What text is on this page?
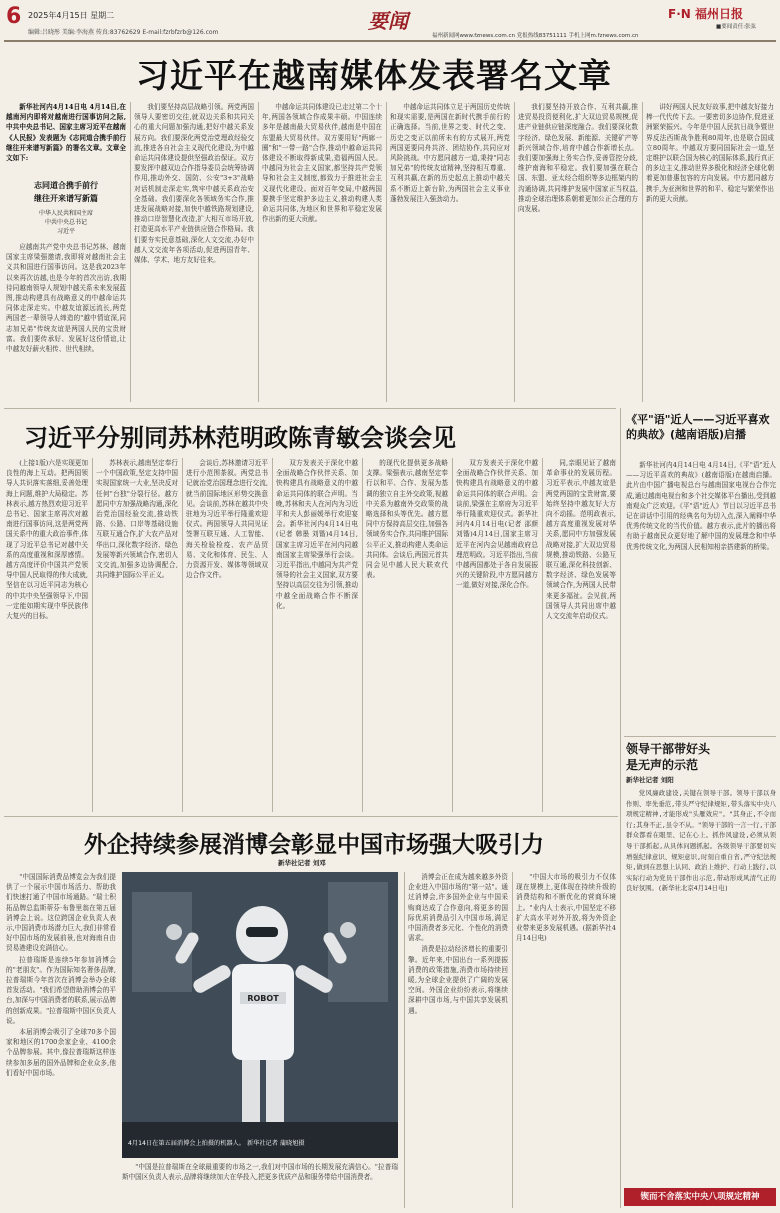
6 2025年4月15日 星期二
编辑:吕晓彤 美编:李海燕 传真:83762629 E-mail:fzrbfzrb@126.com	要闻	F·N 福州日报
■要闻责任:张弦
福州新闻网www.fznews.com.cn 党报热线83751111 手机上网m.fznews.com.cn
习近平在越南媒体发表署名文章

新华社河内4月14日电 4月14日,在越南河内即将对越南进行国事访问之际,中共中央总书记、国家主席习近平在越南《人民报》发表题为《志同道合携手前行 继往开来谱写新篇》的署名文章。文章全文如下:

志同道合携手前行
继往开来谱写新篇
中华人民共和国主席
中共中央总书记
习近平

应越南共产党中央总书记苏林、越南国家主席梁强邀请,我即将对越南社会主义共和国进行国事访问。这是我2023年以来再次访越,也是今年的首次出访,我期待同越南领导人规划中越关系未来发展蓝图,推动构建具有战略意义的中越命运共同体走深走实。中越友谊源远流长,两党两国老一辈领导人缔造的"越中情谊深,同志加兄弟"传统友谊是两国人民的宝贵财富。我们要传承好、发展好这份情谊,让中越友好薪火相传、世代相续。

我们要坚持高层战略引领。两党两国领导人要密切交往,就双边关系和共同关心的重大问题加强沟通,把好中越关系发展方向。我们要深化两党治党理政经验交流,推进各自社会主义现代化建设,为中越命运共同体建设提供坚强政治保证。双方要发挥中越双边合作指导委员会统筹协调作用,推动外交、国防、公安"3+3"战略对话机制走深走实,筑牢中越关系政治安全基础。我们要深化各领域务实合作,推进发展战略对接,加快中越铁路规划建设,推动口岸智慧化改造,扩大相互市场开放,打造更高水平产业链供应链合作格局。我们要夯实民意基础,深化人文交流,办好中越人文交流年各项活动,促进两国青年、媒体、学术、地方友好往来。

中越命运共同体建设已走过第二个十年,两国各领域合作成果丰硕。中国连续多年是越南最大贸易伙伴,越南是中国在东盟最大贸易伙伴。双方要用好"两廊一圈"和"一带一路"合作,推动中越命运共同体建设不断取得新成果,造福两国人民。中越同为社会主义国家,都坚持共产党领导和社会主义制度,都致力于推进社会主义现代化建设。面对百年变局,中越两国要携手坚定维护多边主义,推动构建人类命运共同体,为地区和世界和平稳定发展作出新的更大贡献。

中越命运共同体立足于两国历史传统和现实需要,是两国在新时代携手前行的正确选择。当前,世界之变、时代之变、历史之变正以前所未有的方式展开,两党两国更要同舟共济、团结协作,共同应对风险挑战。中方愿同越方一道,秉持"同志加兄弟"的传统友谊精神,坚持相互尊重、互利共赢,在新的历史起点上推动中越关系不断迈上新台阶,为两国社会主义事业蓬勃发展注入强劲动力。

我们要坚持开放合作、互利共赢,推进贸易投资便利化,扩大双边贸易规模,促进产业链供应链深度融合。我们要深化数字经济、绿色发展、新能源、关键矿产等新兴领域合作,培育中越合作新增长点。我们要加强海上务实合作,妥善管控分歧,维护南海和平稳定。我们要加强在联合国、东盟、亚太经合组织等多边框架内的沟通协调,共同维护发展中国家正当权益,推动全球治理体系朝着更加公正合理的方向发展。

讲好两国人民友好故事,把中越友好接力棒一代代传下去。一要密切多边协作,促进亚洲繁荣振兴。今年是中国人民抗日战争暨世界反法西斯战争胜利80周年,也是联合国成立80周年。中越双方要同国际社会一道,坚定维护以联合国为核心的国际体系,践行真正的多边主义,推动世界多极化和经济全球化朝着更加普惠包容的方向发展。中方愿同越方携手,为亚洲和世界的和平、稳定与繁荣作出新的更大贡献。

习近平分别同苏林范明政陈青敏会谈会见

(上接1版)六是实现更加良性的海上互动。把两国领导人共识落实落细,妥善处理海上问题,维护大局稳定。苏林表示,越方热烈欢迎习近平总书记、国家主席再次对越南进行国事访问,这是两党两国关系中的重大政治事件,体现了习近平总书记对越中关系的高度重视和深厚感情。越方高度评价中国共产党领导中国人民取得的伟大成就,坚信在以习近平同志为核心的中共中央坚强领导下,中国一定能如期实现中华民族伟大复兴的目标。

苏林表示,越南坚定奉行一个中国政策,坚定支持中国实现国家统一大业,坚决反对任何"台独"分裂行径。越方愿同中方加强战略沟通,深化治党治国经验交流,推动铁路、公路、口岸等基础设施互联互通合作,扩大农产品对华出口,深化数字经济、绿色发展等新兴领域合作,密切人文交流,加强多边协调配合,共同维护国际公平正义。

会谈后,苏林邀请习近平进行小范围茶叙。两党总书记就治党治国理念进行交流,就当前国际地区形势交换意见。会谈前,苏林在越共中央驻地为习近平举行隆重欢迎仪式。两国领导人共同见证签署互联互通、人工智能、海关检验检疫、农产品贸易、文化和体育、民生、人力资源开发、媒体等领域双边合作文件。

双方发表关于深化中越全面战略合作伙伴关系、加快构建具有战略意义的中越命运共同体的联合声明。当晚,苏林和夫人在河内为习近平和夫人彭丽媛举行欢迎宴会。新华社河内4月14日电(记者 韩墨 刘锴)4月14日,国家主席习近平在河内同越南国家主席梁强举行会谈。习近平指出,中越同为共产党领导的社会主义国家,双方要坚持以高层交往为引领,推动中越全面战略合作不断深化。

的现代化提供更多战略支撑。梁强表示,越南坚定奉行以和平、合作、发展为基调的独立自主外交政策,视越中关系为越南外交政策的战略选择和头等优先。越方愿同中方保持高层交往,加强各领域务实合作,共同维护国际公平正义,推动构建人类命运共同体。会谈后,两国元首共同会见中越人民大联欢代表。

双方发表关于深化中越全面战略合作伙伴关系、加快构建具有战略意义的中越命运共同体的联合声明。会谈前,梁强在主席府为习近平举行隆重欢迎仪式。新华社河内4月14日电(记者 邵颜 刘锴)4月14日,国家主席习近平在河内会见越南政府总理范明政。习近平指出,当前中越两国都处于各自发展振兴的关键阶段,中方愿同越方一道,做好对接,深化合作。

同,亲眼见证了越南革命事业的发展历程。习近平表示,中越友谊是两党两国的宝贵财富,要始终坚持中越友好大方向不动摇。范明政表示,越方高度重视发展对华关系,愿同中方加强发展战略对接,扩大双边贸易规模,推动铁路、公路互联互通,深化科技创新、数字经济、绿色发展等领域合作,为两国人民带来更多福祉。会见前,两国领导人共同出席中越人文交流年启动仪式。

《平"语"近人——习近平喜欢的典故》(越南语版)启播

新华社河内4月14日电 4月14日,《平"语"近人——习近平喜欢的典故》(越南语版)在越南启播。此片由中国广播电视总台与越南国家电视台合作完成,通过越南电视台和多个社交媒体平台播出,受到越南观众广泛欢迎。《平"语"近人》节目以习近平总书记在讲话中引用的经典名句为切入点,深入阐释中华优秀传统文化的当代价值。越方表示,此片的播出将有助于越南民众更好地了解中国的发展理念和中华优秀传统文化,为两国人民相知相亲搭建新的桥梁。

领导干部带好头
是无声的示范
新华社记者 刘阳

党风廉政建设,关键在领导干部。领导干部以身作则、率先垂范,带头严守纪律规矩,带头落实中央八项规定精神,才能形成"头雁效应"。"其身正,不令而行;其身不正,虽令不从。"领导干部的一言一行,干部群众都看在眼里、记在心上。抓作风建设,必须从领导干部抓起,从具体问题抓起。各级领导干部要切实增强纪律意识、规矩意识,时刻自重自省,严守纪法规矩,做到在思想上认同、政治上维护、行动上践行,以实际行动为党员干部作出示范,带动形成风清气正的良好氛围。(新华社北京4月14日电)

锲而不舍落实中央八项规定精神
外企持续参展消博会彰显中国市场强大吸引力
新华社记者 刘邓

"中国国际消费品博览会为我们提供了一个展示中国市场活力、帮助我们快速打通了中国市场通路。"瑞士积拓品牌总监斯蒂芬·布鲁里翁在第五届消博会上说。这位跨国企业负责人表示,中国消费市场潜力巨大,我们非常看好中国市场的发展前景,也对海南自由贸易港建设充满信心。

拉普瑞斯是连续5年参加消博会的"老朋友"。作为国际知名奢侈品牌,拉普瑞斯今年首次在消博会举办全球首发活动。"我们希望借助消博会的平台,加深与中国消费者的联系,展示品牌的创新成果。"拉普瑞斯中国区负责人说。

本届消博会吸引了全球70多个国家和地区的1700余家企业、4100余个品牌参展。其中,像拉普瑞斯这样连续参加多届的国外品牌和企业众多,他们看好中国市场。

ROBOT
4月14日在第五届消博会上拍摄的机器人。 新华社记者 蒲晓旭摄

"中国是拉普瑞斯在全球最重要的市场之一,我们对中国市场的长期发展充满信心。"拉普瑞斯中国区负责人表示,品牌将继续加大在华投入,把更多优质产品和服务带给中国消费者。

消博会正在成为越来越多外资企业进入中国市场的"第一站"。通过消博会,许多国外企业与中国采购商达成了合作意向,将更多的国际优质消费品引入中国市场,满足中国消费者多元化、个性化的消费需求。

消费是拉动经济增长的重要引擎。近年来,中国出台一系列提振消费的政策措施,消费市场持续回暖,为全球企业提供了广阔的发展空间。外国企业纷纷表示,将继续深耕中国市场,与中国共享发展机遇。

"中国大市场的吸引力不仅体现在规模上,更体现在持续升级的消费结构和不断优化的营商环境上。"业内人士表示,中国坚定不移扩大高水平对外开放,将为外资企业带来更多发展机遇。(据新华社4月14日电)
